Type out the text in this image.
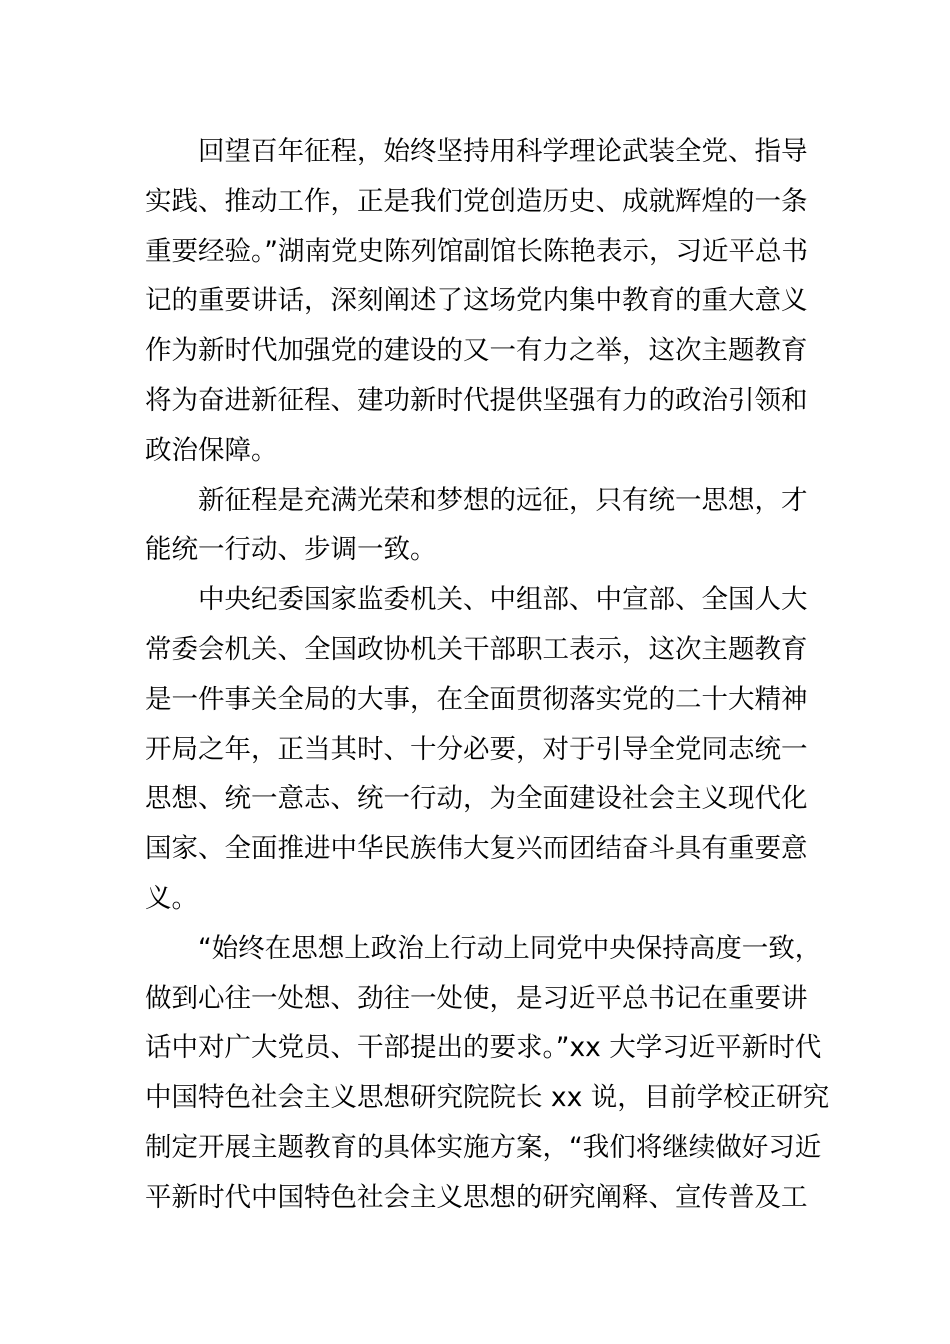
回望百年征程，始终坚持用科学理论武装全党、指导
实践、推动工作，正是我们党创造历史、成就辉煌的一条
重要经验。”湖南党史陈列馆副馆长陈艳表示，习近平总书
记的重要讲话，深刻阐述了这场党内集中教育的重大意义
作为新时代加强党的建设的又一有力之举，这次主题教育
将为奋进新征程、建功新时代提供坚强有力的政治引领和
政治保障。

新征程是充满光荣和梦想的远征，只有统一思想，才
能统一行动、步调一致。

中央纪委国家监委机关、中组部、中宣部、全国人大
常委会机关、全国政协机关干部职工表示，这次主题教育
是一件事关全局的大事，在全面贯彻落实党的二十大精神
开局之年，正当其时、十分必要，对于引导全党同志统一
思想、统一意志、统一行动，为全面建设社会主义现代化
国家、全面推进中华民族伟大复兴而团结奋斗具有重要意
义。

“始终在思想上政治上行动上同党中央保持高度一致，
做到心往一处想、劲往一处使，是习近平总书记在重要讲
话中对广大党员、干部提出的要求。”xx 大学习近平新时代
中国特色社会主义思想研究院院长 xx 说，目前学校正研究
制定开展主题教育的具体实施方案，“我们将继续做好习近
平新时代中国特色社会主义思想的研究阐释、宣传普及工
